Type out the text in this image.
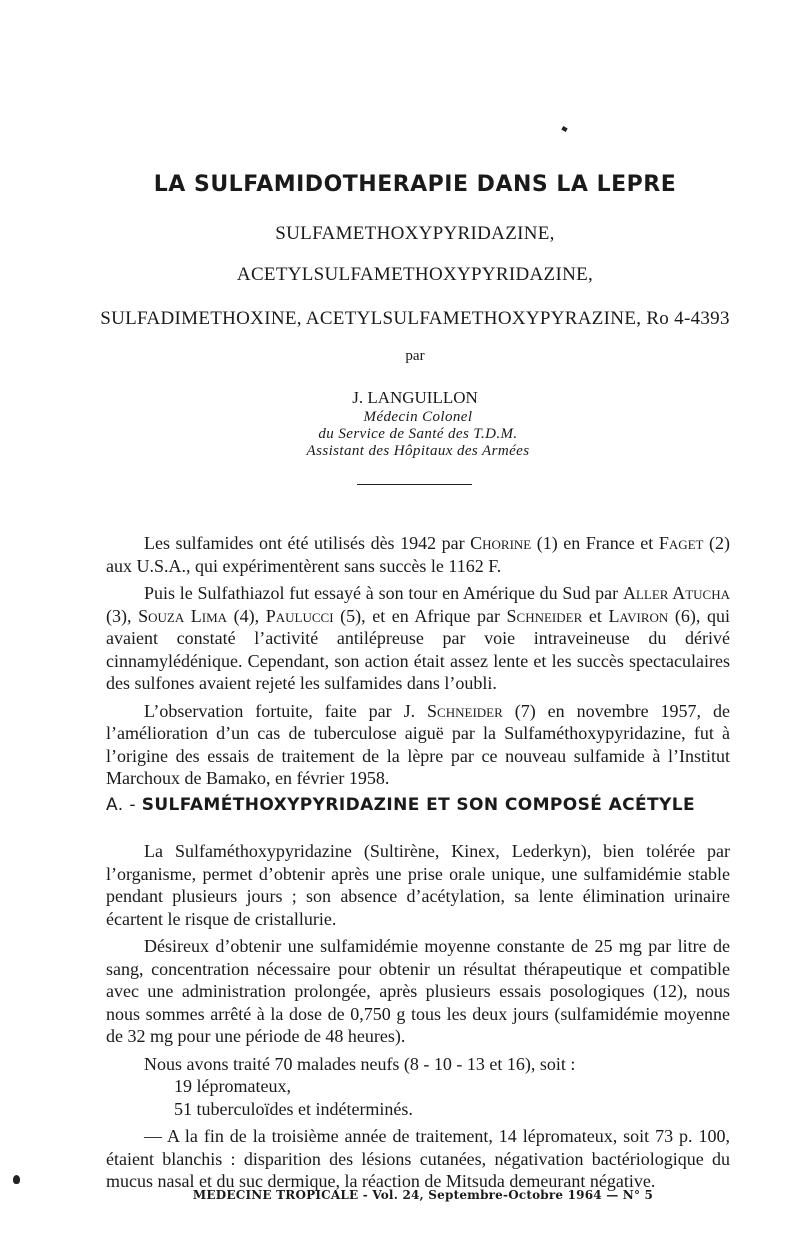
LA SULFAMIDOTHERAPIE DANS LA LEPRE
SULFAMETHOXYPYRIDAZINE,
ACETYLSULFAMETHOXYPYRIDAZINE,
SULFADIMETHOXINE, ACETYLSULFAMETHOXYPYRAZINE, Ro 4-4393
par
J. LANGUILLON
Médecin Colonel
du Service de Santé des T.D.M.
Assistant des Hôpitaux des Armées

Les sulfamides ont été utilisés dès 1942 par Chorine (1) en France et Faget (2) aux U.S.A., qui expérimentèrent sans succès le 1162 F.

Puis le Sulfathiazol fut essayé à son tour en Amérique du Sud par Aller Atucha (3), Souza Lima (4), Paulucci (5), et en Afrique par Schneider et Laviron (6), qui avaient constaté l’activité antilépreuse par voie intraveineuse du dérivé cinnamylédénique. Cependant, son action était assez lente et les succès spectaculaires des sulfones avaient rejeté les sulfamides dans l’oubli.

L’observation fortuite, faite par J. Schneider (7) en novembre 1957, de l’amélioration d’un cas de tuberculose aiguë par la Sulfaméthoxypyridazine, fut à l’origine des essais de traitement de la lèpre par ce nouveau sulfamide à l’Institut Marchoux de Bamako, en février 1958.

A. - SULFAMÉTHOXYPYRIDAZINE ET SON COMPOSÉ ACÉTYLE

La Sulfaméthoxypyridazine (Sultirène, Kinex, Lederkyn), bien tolérée par l’organisme, permet d’obtenir après une prise orale unique, une sulfamidémie stable pendant plusieurs jours ; son absence d’acétylation, sa lente élimination urinaire écartent le risque de cristallurie.

Désireux d’obtenir une sulfamidémie moyenne constante de 25 mg par litre de sang, concentration nécessaire pour obtenir un résultat thérapeutique et compatible avec une administration prolongée, après plusieurs essais posologiques (12), nous nous sommes arrêté à la dose de 0,750 g tous les deux jours (sulfamidémie moyenne de 32 mg pour une période de 48 heures).

Nous avons traité 70 malades neufs (8 - 10 - 13 et 16), soit :

19 lépromateux,
51 tuberculoïdes et indéterminés.

— A la fin de la troisième année de traitement, 14 lépromateux, soit 73 p. 100, étaient blanchis : disparition des lésions cutanées, négativation bactériologique du mucus nasal et du suc dermique, la réaction de Mitsuda demeurant négative.

MEDECINE TROPICALE - Vol. 24, Septembre-Octobre 1964 — N° 5
